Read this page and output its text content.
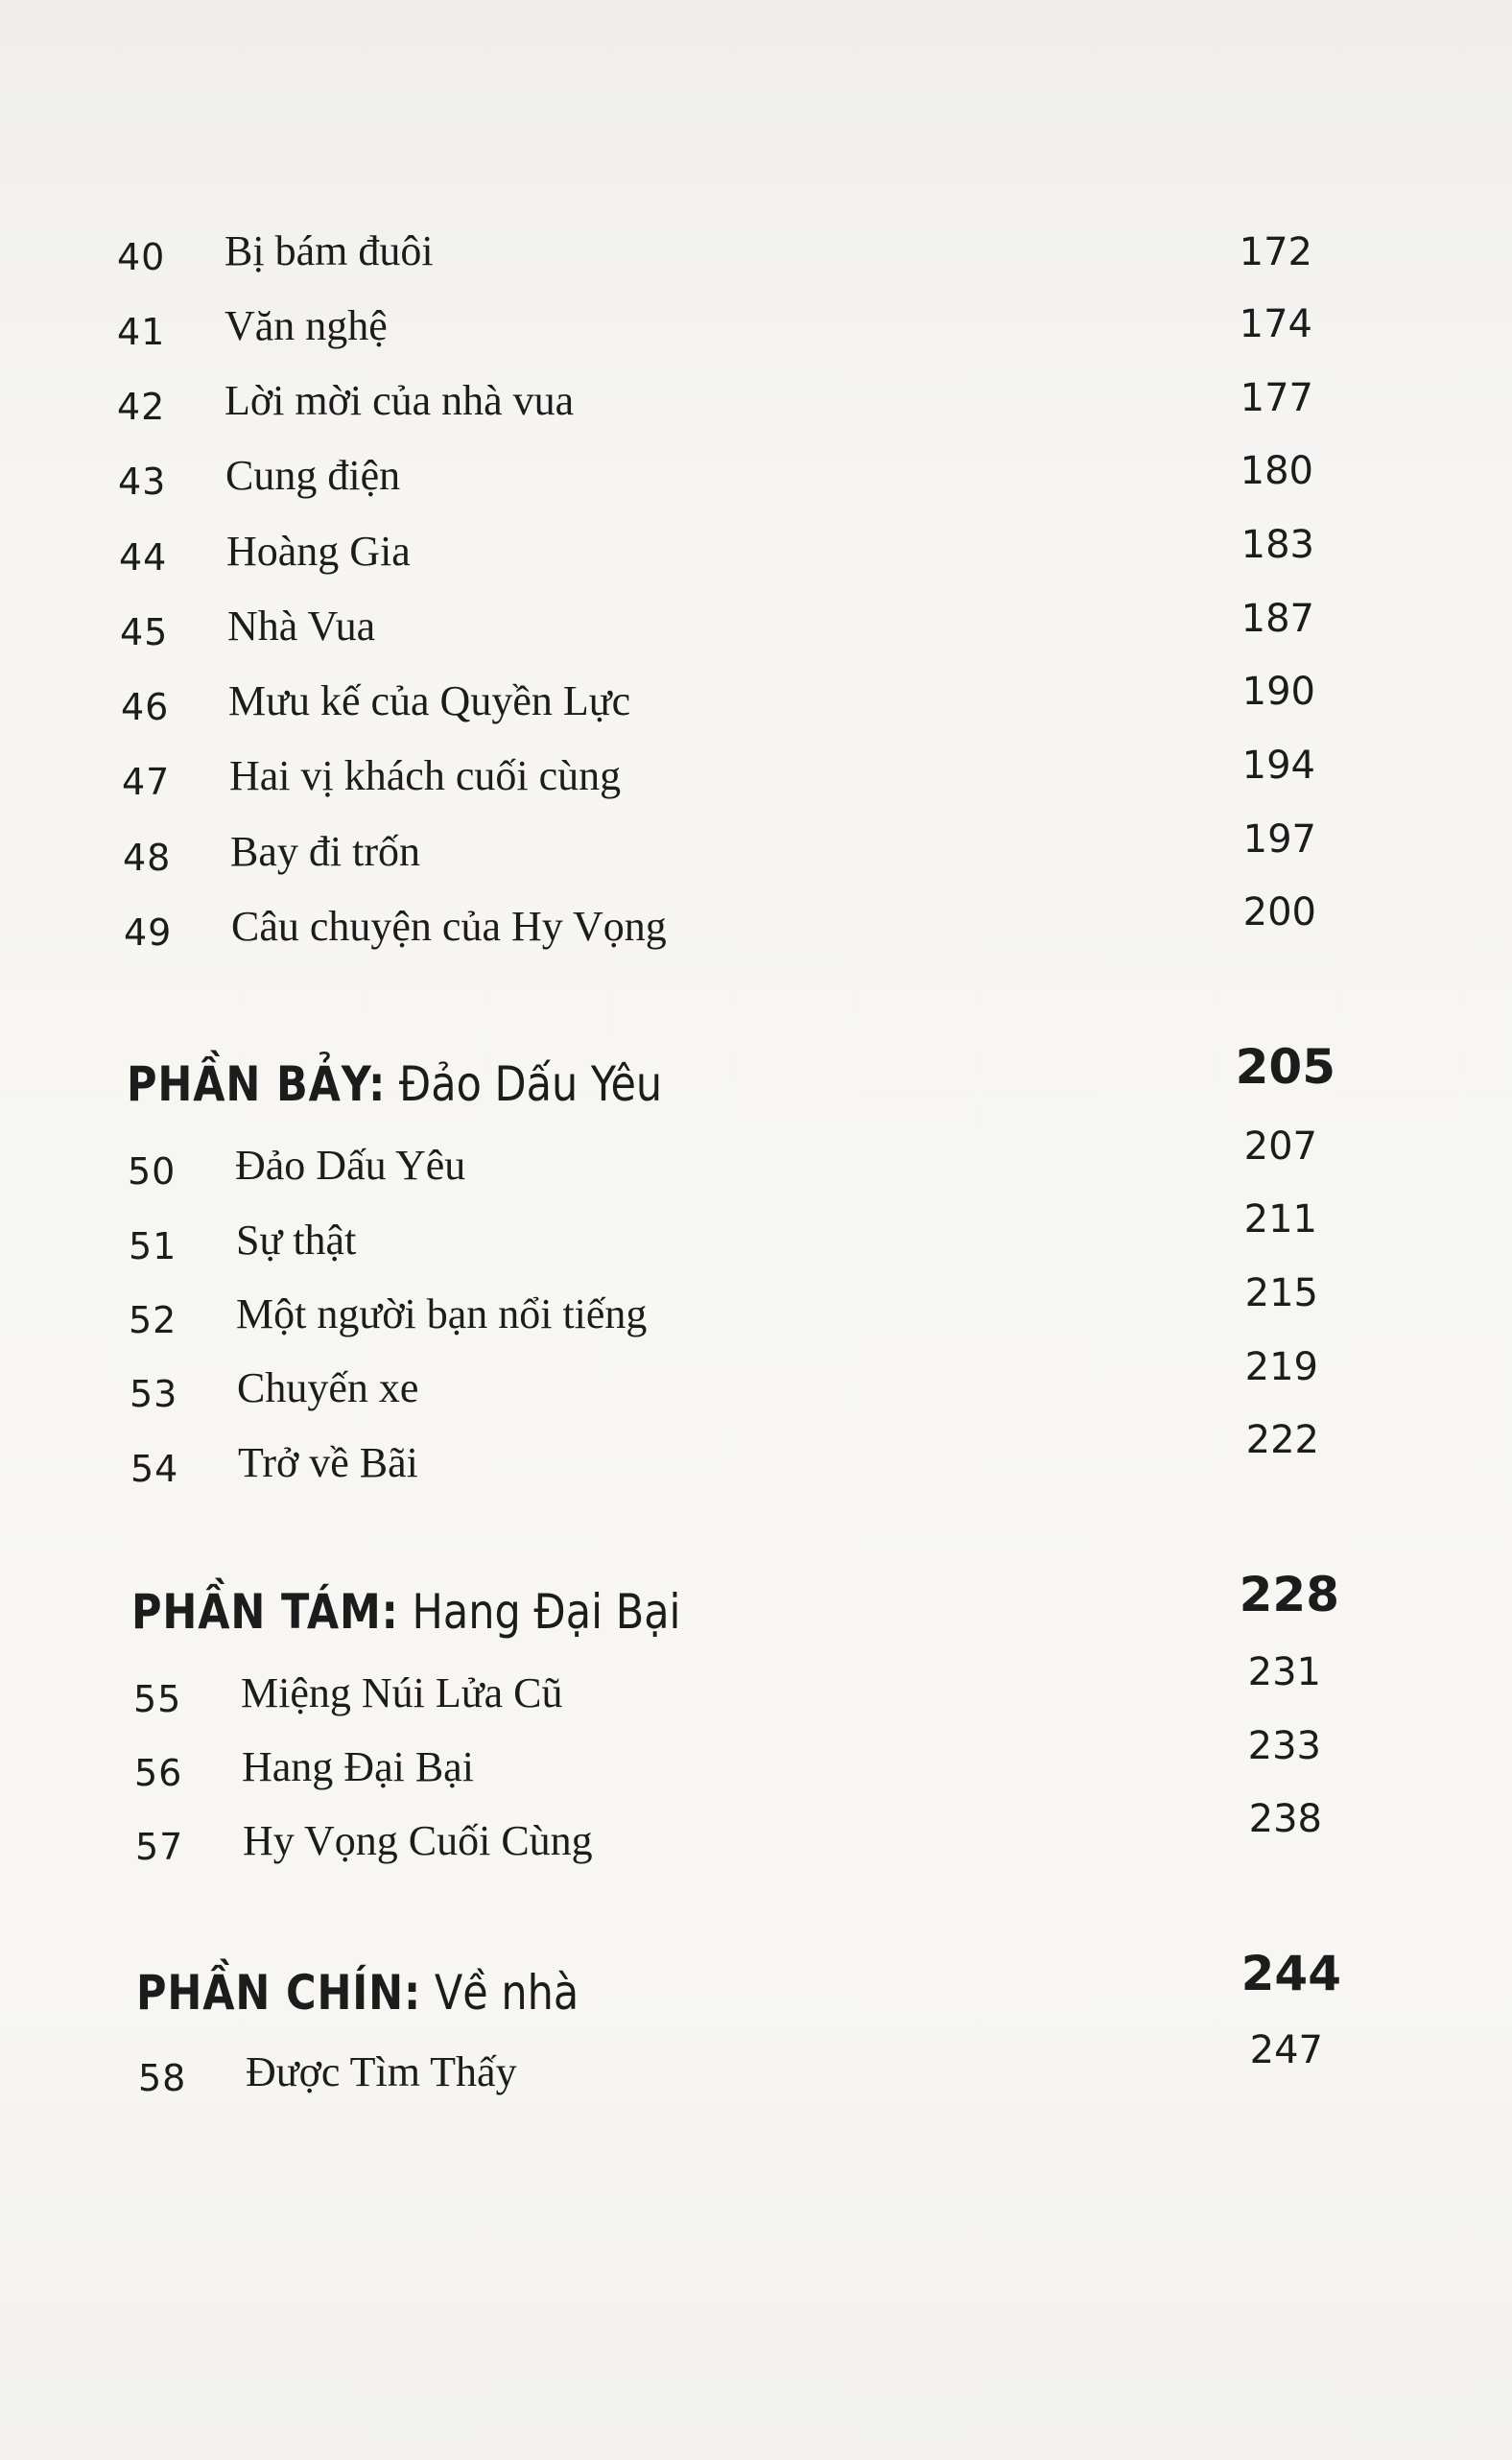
40 Bị bám đuôi	172
41 Văn nghệ	174
42 Lời mời của nhà vua	177
43 Cung điện	180
44 Hoàng Gia	183
45 Nhà Vua	187
46 Mưu kế của Quyền Lực	190
47 Hai vị khách cuối cùng	194
48 Bay đi trốn	197
49 Câu chuyện của Hy Vọng	200
PHẦN BẢY: Đảo Dấu Yêu	205
50 Đảo Dấu Yêu	207
51 Sự thật	211
52 Một người bạn nổi tiếng	215
53 Chuyến xe	219
54 Trở về Bãi	222
PHẦN TÁM: Hang Đại Bại	228
55 Miệng Núi Lửa Cũ	231
56 Hang Đại Bại	233
57 Hy Vọng Cuối Cùng	238
PHẦN CHÍN: Về nhà	244
58 Được Tìm Thấy	247
